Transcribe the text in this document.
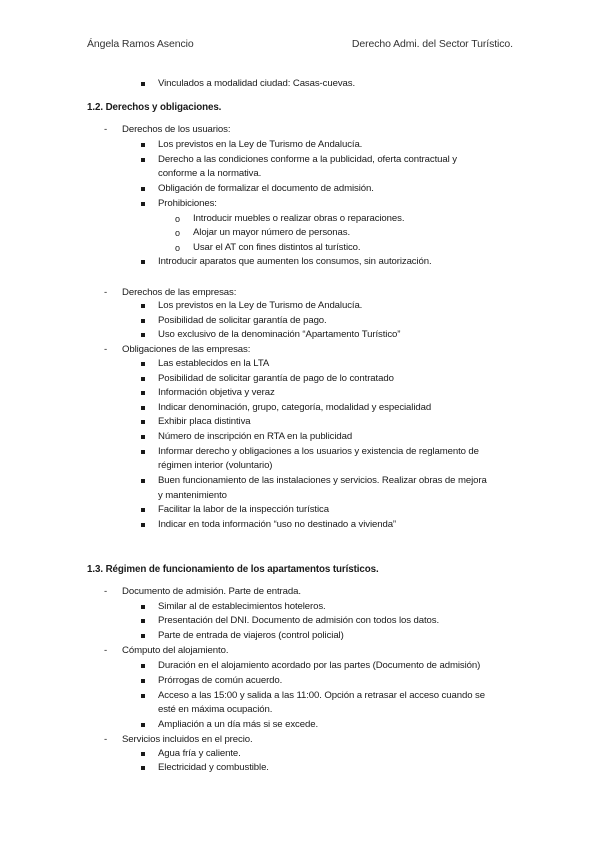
Ángela Ramos Asencio	Derecho Admi. del Sector Turístico.
Vinculados a modalidad ciudad: Casas-cuevas.
1.2. Derechos y obligaciones.
- Derechos de los usuarios:
Los previstos en la Ley de Turismo de Andalucía.
Derecho a las condiciones conforme a la publicidad, oferta contractual y
conforme a la normativa.
Obligación de formalizar el documento de admisión.
Prohibiciones:
o Introducir muebles o realizar obras o reparaciones.
o Alojar un mayor número de personas.
o Usar el AT con fines distintos al turístico.
Introducir aparatos que aumenten los consumos, sin autorización.
- Derechos de las empresas:
Los previstos en la Ley de Turismo de Andalucía.
Posibilidad de solicitar garantía de pago.
Uso exclusivo de la denominación “Apartamento Turístico”
- Obligaciones de las empresas:
Las establecidos en la LTA
Posibilidad de solicitar garantía de pago de lo contratado
Información objetiva y veraz
Indicar denominación, grupo, categoría, modalidad y especialidad
Exhibir placa distintiva
Número de inscripción en RTA en la publicidad
Informar derecho y obligaciones a los usuarios y existencia de reglamento de
régimen interior (voluntario)
Buen funcionamiento de las instalaciones y servicios. Realizar obras de mejora
y mantenimiento
Facilitar la labor de la inspección turística
Indicar en toda información “uso no destinado a vivienda”
1.3. Régimen de funcionamiento de los apartamentos turísticos.
- Documento de admisión. Parte de entrada.
Similar al de establecimientos hoteleros.
Presentación del DNI. Documento de admisión con todos los datos.
Parte de entrada de viajeros (control policial)
- Cómputo del alojamiento.
Duración en el alojamiento acordado por las partes (Documento de admisión)
Prórrogas de común acuerdo.
Acceso a las 15:00 y salida a las 11:00. Opción a retrasar el acceso cuando se
esté en máxima ocupación.
Ampliación a un día más si se excede.
- Servicios incluidos en el precio.
Agua fría y caliente.
Electricidad y combustible.
